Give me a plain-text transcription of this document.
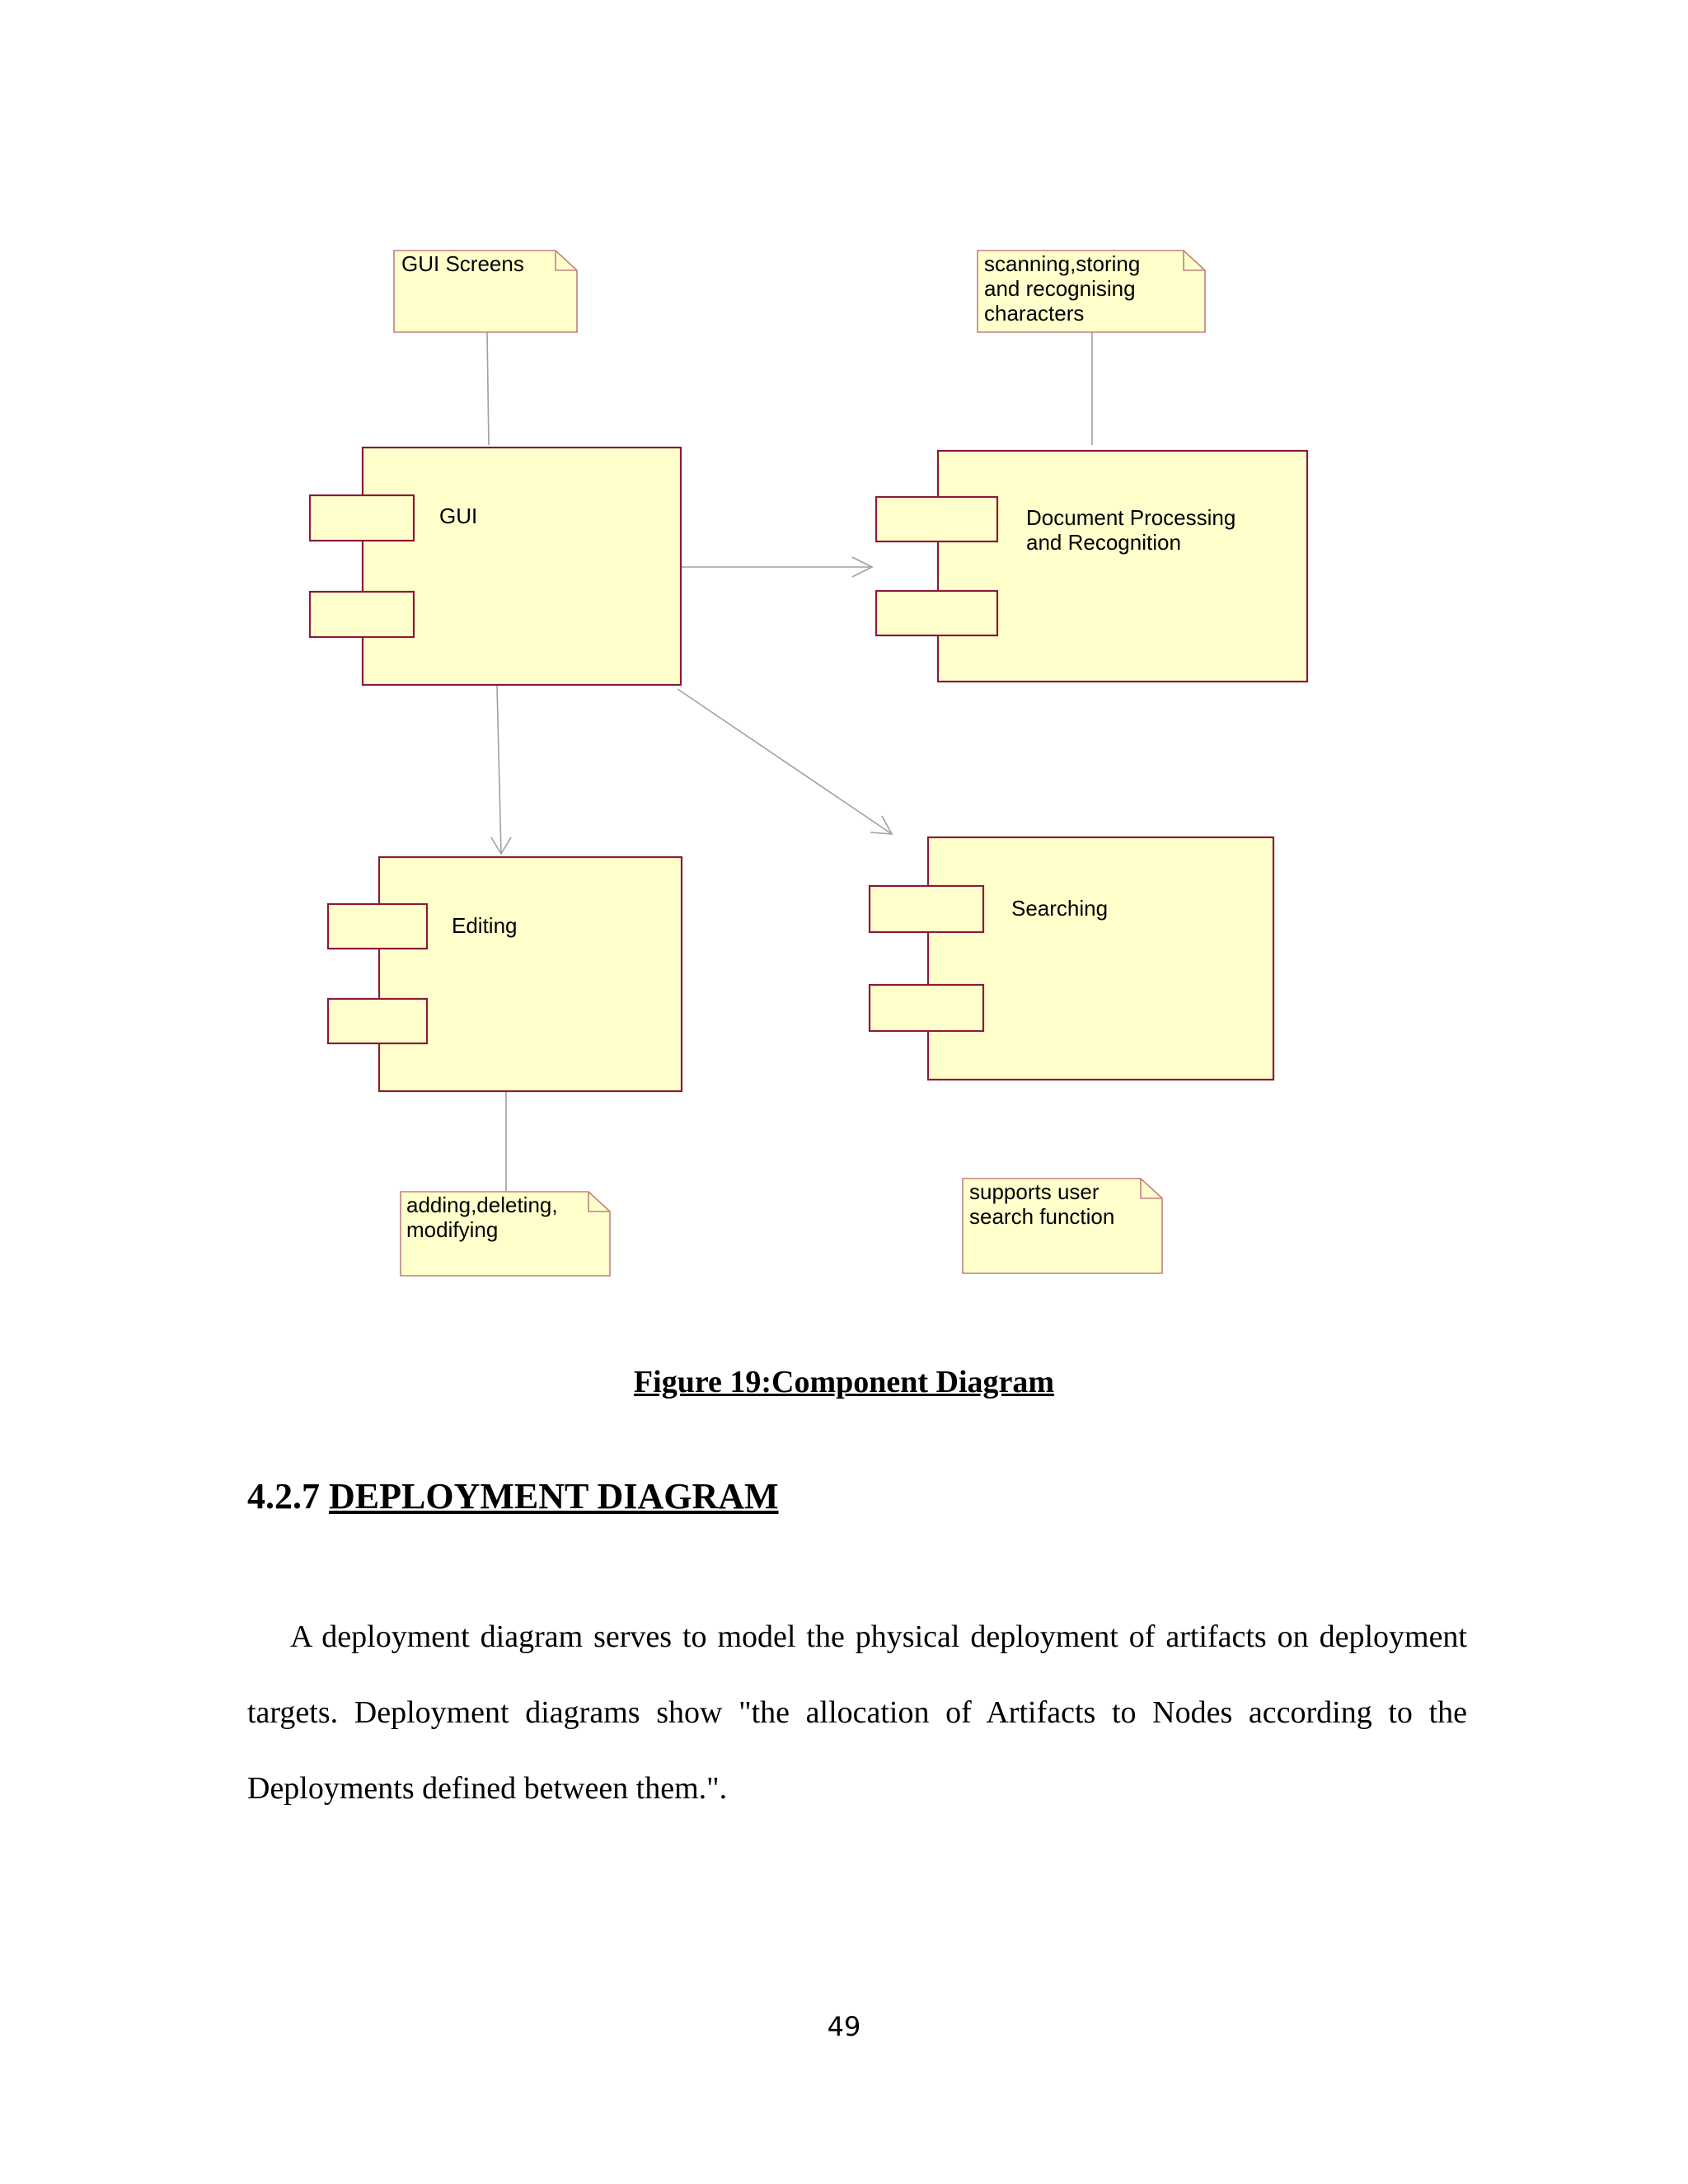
GUI Screens	scanning,storing and recognising characters
adding,deleting, modifying
supports user search function
GUI	Document Processing and Recognition
Editing
Searching
Figure 19:Component Diagram
4.2.7 DEPLOYMENT DIAGRAM
A deployment diagram serves to model the physical deployment of artifacts on deployment targets. Deployment diagrams show "the allocation of Artifacts to Nodes according to the Deployments defined between them.".
49
